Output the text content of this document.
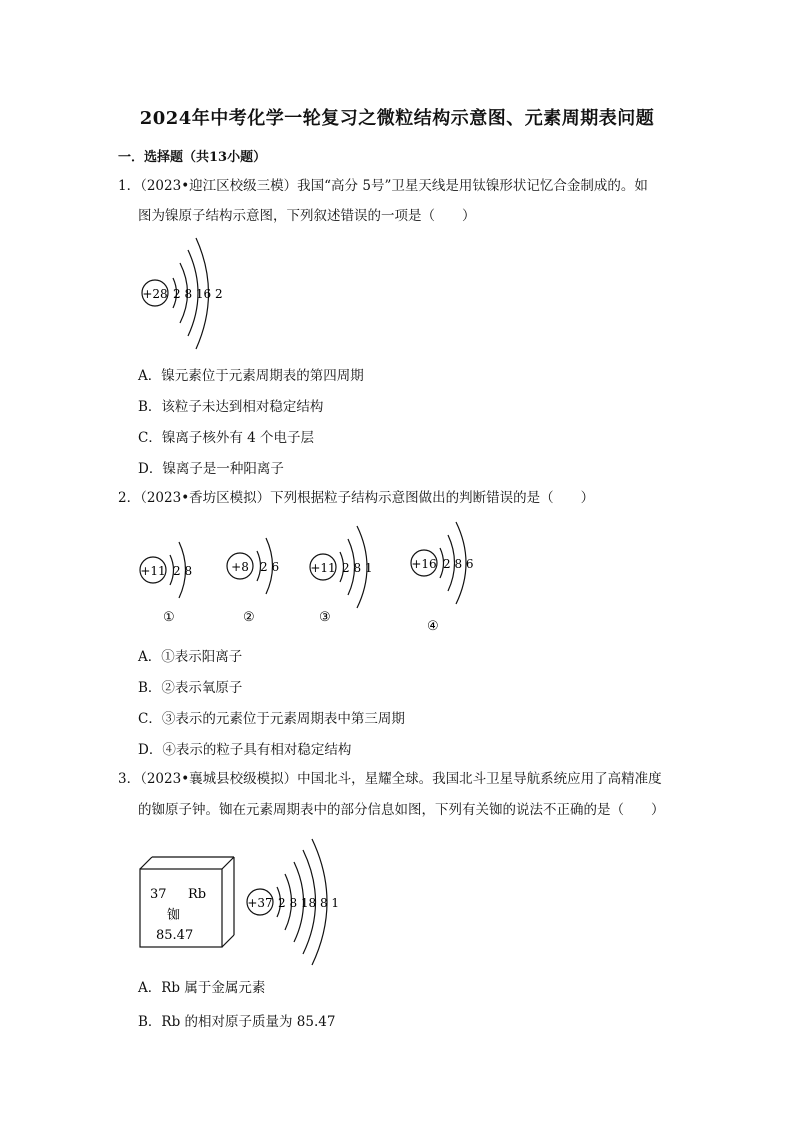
2024年中考化学一轮复习之微粒结构示意图、元素周期表问题
一．选择题（共13小题）
1．（2023•迎江区校级三模）我国“高分 5号”卫星天线是用钛镍形状记忆合金制成的。如
图为镍原子结构示意图，下列叙述错误的一项是（　　）
+28 2 8 16 2
A．镍元素位于元素周期表的第四周期
B．该粒子未达到相对稳定结构
C．镍离子核外有 4 个电子层
D．镍离子是一种阳离子
2．（2023•香坊区模拟）下列根据粒子结构示意图做出的判断错误的是（　　）
+11 2 8
①
+8 2 6
②
+11 2 8 1
③
+16 2 8 6
④
A．①表示阳离子
B．②表示氧原子
C．③表示的元素位于元素周期表中第三周期
D．④表示的粒子具有相对稳定结构
3．（2023•襄城县校级模拟）中国北斗，星耀全球。我国北斗卫星导航系统应用了高精准度
的铷原子钟。铷在元素周期表中的部分信息如图，下列有关铷的说法不正确的是（　　）
37 Rb
铷
85.47
+37 2 8 18 8 1
A．Rb 属于金属元素
B．Rb 的相对原子质量为 85.47
